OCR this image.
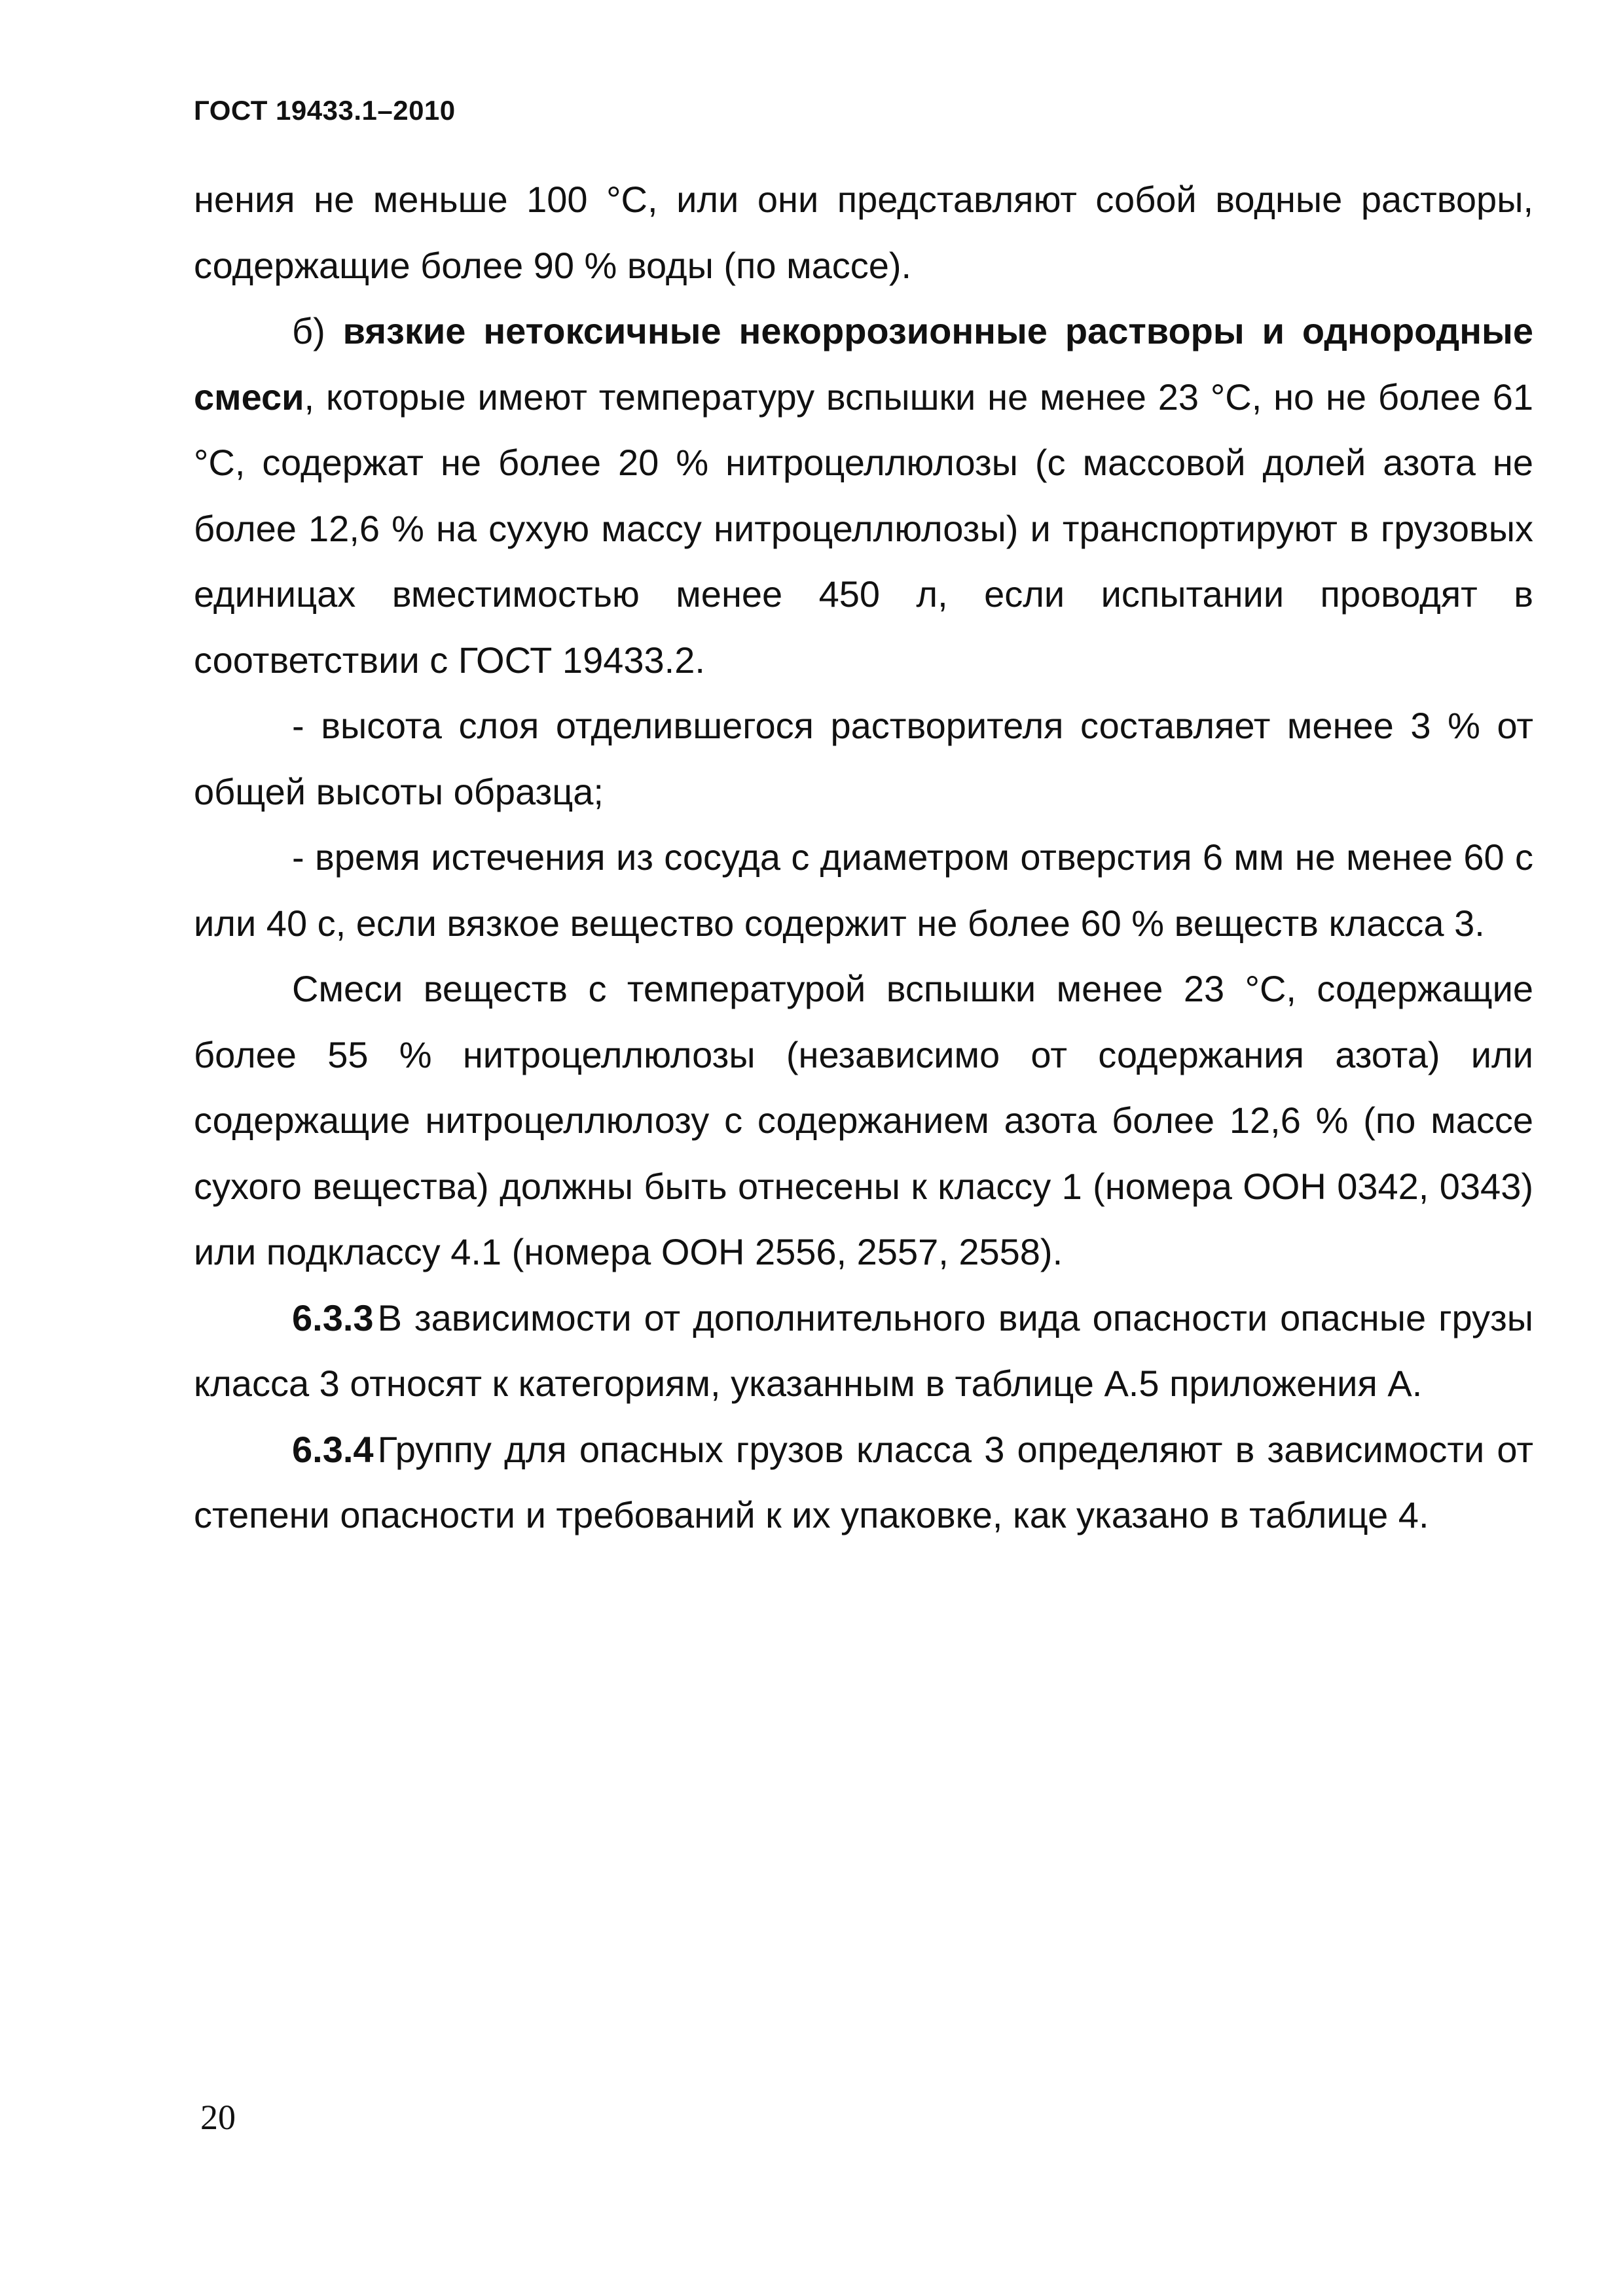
ГОСТ 19433.1–2010

нения не меньше 100 °С, или они представляют собой водные растворы, содержащие более 90 % воды (по массе).

б) вязкие нетоксичные некоррозионные растворы и однородные смеси, которые имеют температуру вспышки не менее 23 °С, но не более 61 °С, содержат не более 20 % нитроцеллюлозы (с массовой долей азота не более 12,6 % на сухую массу нитроцеллюлозы) и транспортируют в грузовых единицах вместимостью менее 450 л, если испытании проводят в соответствии с ГОСТ 19433.2.

- высота слоя отделившегося растворителя составляет менее 3 % от общей высоты образца;

- время истечения из сосуда с диаметром отверстия 6 мм не менее 60 с или 40 с, если вязкое вещество содержит не более 60 % веществ класса 3.

Смеси веществ с температурой вспышки менее 23 °С, содержащие более 55 % нитроцеллюлозы (независимо от содержания азота) или содержащие нитроцеллюлозу с содержанием азота более 12,6 % (по массе сухого вещества) должны быть отнесены к классу 1 (номера ООН 0342, 0343) или подклассу 4.1 (номера ООН 2556, 2557, 2558).

6.3.3 В зависимости от дополнительного вида опасности опасные грузы класса 3 относят к категориям, указанным в таблице А.5 приложения А.

6.3.4 Группу для опасных грузов класса 3 определяют в зависимости от степени опасности и требований к их упаковке, как указано в таблице 4.

20
